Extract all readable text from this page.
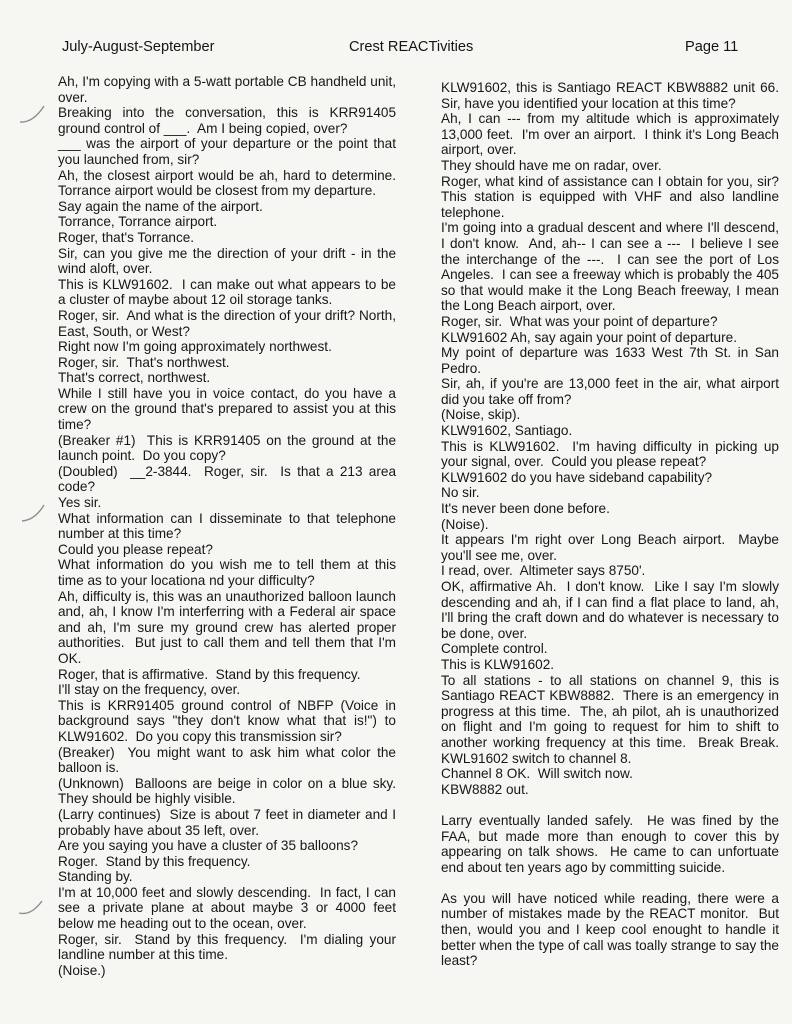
July-August-September	Crest REACTivities	Page 11

Ah, I'm copying with a 5-watt portable CB handheld unit, over.

Breaking into the conversation, this is KRR91405 ground control of ___.  Am I being copied, over?

___ was the airport of your departure or the point that you launched from, sir?

Ah, the closest airport would be ah, hard to determine. Torrance airport would be closest from my departure.

Say again the name of the airport.

Torrance, Torrance airport.

Roger, that's Torrance.

Sir, can you give me the direction of your drift - in the wind aloft, over.

This is KLW91602.  I can make out what appears to be a cluster of maybe about 12 oil storage tanks.

Roger, sir.  And what is the direction of your drift? North, East, South, or West?

Right now I'm going approximately northwest.

Roger, sir.  That's northwest.

That's correct, northwest.

While I still have you in voice contact, do you have a crew on the ground that's prepared to assist you at this time?

(Breaker #1)  This is KRR91405 on the ground at the launch point.  Do you copy?

(Doubled)  __2-3844.  Roger, sir.  Is that a 213 area code?

Yes sir.

What information can I disseminate to that telephone number at this time?

Could you please repeat?

What information do you wish me to tell them at this time as to your locationa nd your difficulty?

Ah, difficulty is, this was an unauthorized balloon launch and, ah, I know I'm interferring with a Federal air space and ah, I'm sure my ground crew has alerted proper authorities.  But just to call them and tell them that I'm OK.

Roger, that is affirmative.  Stand by this frequency.

I'll stay on the frequency, over.

This is KRR91405 ground control of NBFP (Voice in background says "they don't know what that is!") to KLW91602.  Do you copy this transmission sir?

(Breaker)  You might want to ask him what color the balloon is.

(Unknown)  Balloons are beige in color on a blue sky. They should be highly visible.

(Larry continues)  Size is about 7 feet in diameter and I probably have about 35 left, over.

Are you saying you have a cluster of 35 balloons?

Roger.  Stand by this frequency.

Standing by.

I'm at 10,000 feet and slowly descending.  In fact, I can see a private plane at about maybe 3 or 4000 feet below me heading out to the ocean, over.

Roger, sir.  Stand by this frequency.  I'm dialing your landline number at this time.

(Noise.)

KLW91602, this is Santiago REACT KBW8882 unit 66. Sir, have you identified your location at this time?

Ah, I can --- from my altitude which is approximately 13,000 feet.  I'm over an airport.  I think it's Long Beach airport, over.

They should have me on radar, over.

Roger, what kind of assistance can I obtain for you, sir? This station is equipped with VHF and also landline telephone.

I'm going into a gradual descent and where I'll descend, I don't know.  And, ah-- I can see a ---  I believe I see the interchange of the ---.  I can see the port of Los Angeles.  I can see a freeway which is probably the 405 so that would make it the Long Beach freeway, I mean the Long Beach airport, over.

Roger, sir.  What was your point of departure?

KLW91602 Ah, say again your point of departure.

My point of departure was 1633 West 7th St. in San Pedro.

Sir, ah, if you're are 13,000 feet in the air, what airport did you take off from?

(Noise, skip).

KLW91602, Santiago.

This is KLW91602.  I'm having difficulty in picking up your signal, over.  Could you please repeat?

KLW91602 do you have sideband capability?

No sir.

It's never been done before.

(Noise).

It appears I'm right over Long Beach airport.  Maybe you'll see me, over.

I read, over.  Altimeter says 8750'.

OK, affirmative Ah.  I don't know.  Like I say I'm slowly descending and ah, if I can find a flat place to land, ah, I'll bring the craft down and do whatever is necessary to be done, over.

Complete control.

This is KLW91602.

To all stations - to all stations on channel 9, this is Santiago REACT KBW8882.  There is an emergency in progress at this time.  The, ah pilot, ah is unauthorized on flight and I'm going to request for him to shift to another working frequency at this time.  Break Break. KWL91602 switch to channel 8.

Channel 8 OK.  Will switch now.

KBW8882 out.

Larry eventually landed safely.  He was fined by the FAA, but made more than enough to cover this by appearing on talk shows.  He came to can unfortuate end about ten years ago by committing suicide.

As you will have noticed while reading, there were a number of mistakes made by the REACT monitor.  But then, would you and I keep cool enought to handle it better when the type of call was toally strange to say the least?
